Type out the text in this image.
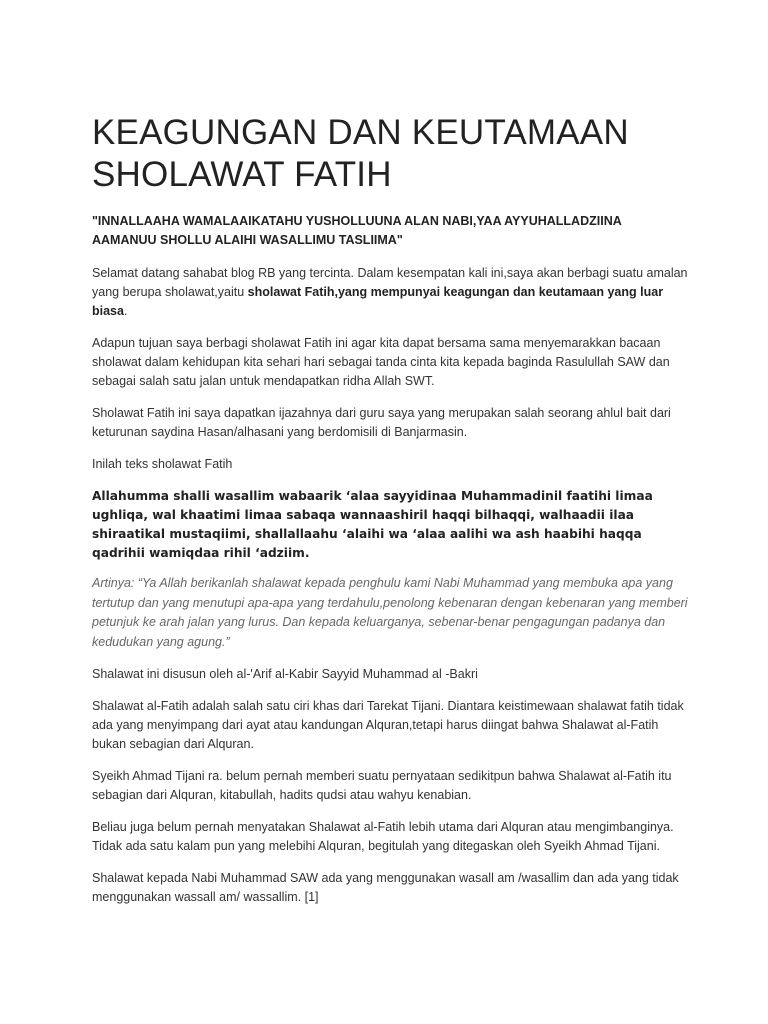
KEAGUNGAN DAN KEUTAMAAN
SHOLAWAT FATIH
"INNALLAAHA WAMALAAIKATAHU YUSHOLLUUNA ALAN NABI,YAA AYYUHALLADZIINA AAMANUU SHOLLU ALAIHI WASALLIMU TASLIIMA"

Selamat datang sahabat blog RB yang tercinta. Dalam kesempatan kali ini,saya akan berbagi suatu amalan yang berupa sholawat,yaitu sholawat Fatih,yang mempunyai keagungan dan keutamaan yang luar biasa.

Adapun tujuan saya berbagi sholawat Fatih ini agar kita dapat bersama sama menyemarakkan bacaan sholawat dalam kehidupan kita sehari hari sebagai tanda cinta kita kepada baginda Rasulullah SAW dan sebagai salah satu jalan untuk mendapatkan ridha Allah SWT.

Sholawat Fatih ini saya dapatkan ijazahnya dari guru saya yang merupakan salah seorang ahlul bait dari keturunan saydina Hasan/alhasani yang berdomisili di Banjarmasin.

Inilah teks sholawat Fatih

Allahumma shalli wasallim wabaarik ‘alaa sayyidinaa Muhammadinil faatihi limaa ughliqa, wal khaatimi limaa sabaqa wannaashiril haqqi bilhaqqi, walhaadii ilaa shiraatikal mustaqiimi, shallallaahu ‘alaihi wa ‘alaa aalihi wa ash haabihi haqqa
qadrihii wamiqdaa rihil ‘adziim.

Artinya: “Ya Allah berikanlah shalawat kepada penghulu kami Nabi Muhammad yang membuka apa yang tertutup dan yang menutupi apa-apa yang terdahulu,penolong kebenaran dengan kebenaran yang memberi petunjuk ke arah jalan yang lurus. Dan kepada keluarganya, sebenar-benar pengagungan padanya dan kedudukan yang agung.”

Shalawat ini disusun oleh al-'Arif al-Kabir Sayyid Muhammad al -Bakri

Shalawat al-Fatih adalah salah satu ciri khas dari Tarekat Tijani. Diantara keistimewaan shalawat fatih tidak ada yang menyimpang dari ayat atau kandungan Alquran,tetapi harus diingat bahwa Shalawat al-Fatih bukan sebagian dari Alquran.

Syeikh Ahmad Tijani ra. belum pernah memberi suatu pernyataan sedikitpun bahwa Shalawat al-Fatih itu sebagian dari Alquran, kitabullah, hadits qudsi atau wahyu kenabian.

Beliau juga belum pernah menyatakan Shalawat al-Fatih lebih utama dari Alquran atau mengimbanginya. Tidak ada satu kalam pun yang melebihi Alquran, begitulah yang ditegaskan oleh Syeikh Ahmad Tijani.

Shalawat kepada Nabi Muhammad SAW ada yang menggunakan wasall am /wasallim dan ada yang tidak menggunakan wassall am/ wassallim. [1]
